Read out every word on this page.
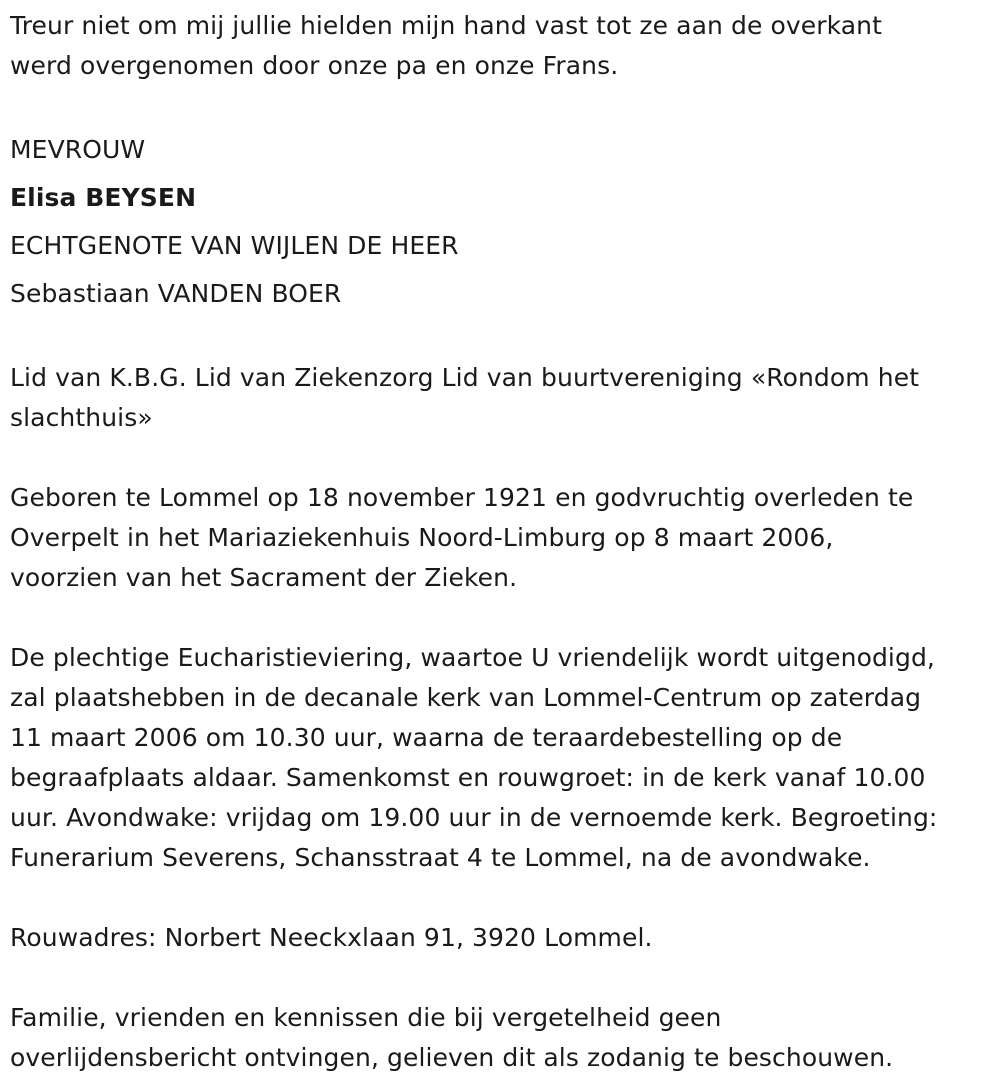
Treur niet om mij jullie hielden mijn hand vast tot ze aan de overkant

werd overgenomen door onze pa en onze Frans.

MEVROUW

Elisa BEYSEN

ECHTGENOTE VAN WIJLEN DE HEER

Sebastiaan VANDEN BOER

Lid van K.B.G. Lid van Ziekenzorg Lid van buurtvereniging «Rondom het

slachthuis»

Geboren te Lommel op 18 november 1921 en godvruchtig overleden te

Overpelt in het Mariaziekenhuis Noord-Limburg op 8 maart 2006,

voorzien van het Sacrament der Zieken.

De plechtige Eucharistieviering, waartoe U vriendelijk wordt uitgenodigd,

zal plaatshebben in de decanale kerk van Lommel-Centrum op zaterdag

11 maart 2006 om 10.30 uur, waarna de teraardebestelling op de

begraafplaats aldaar. Samenkomst en rouwgroet: in de kerk vanaf 10.00

uur. Avondwake: vrijdag om 19.00 uur in de vernoemde kerk. Begroeting:

Funerarium Severens, Schansstraat 4 te Lommel, na de avondwake.

Rouwadres: Norbert Neeckxlaan 91, 3920 Lommel.

Familie, vrienden en kennissen die bij vergetelheid geen

overlijdensbericht ontvingen, gelieven dit als zodanig te beschouwen.
